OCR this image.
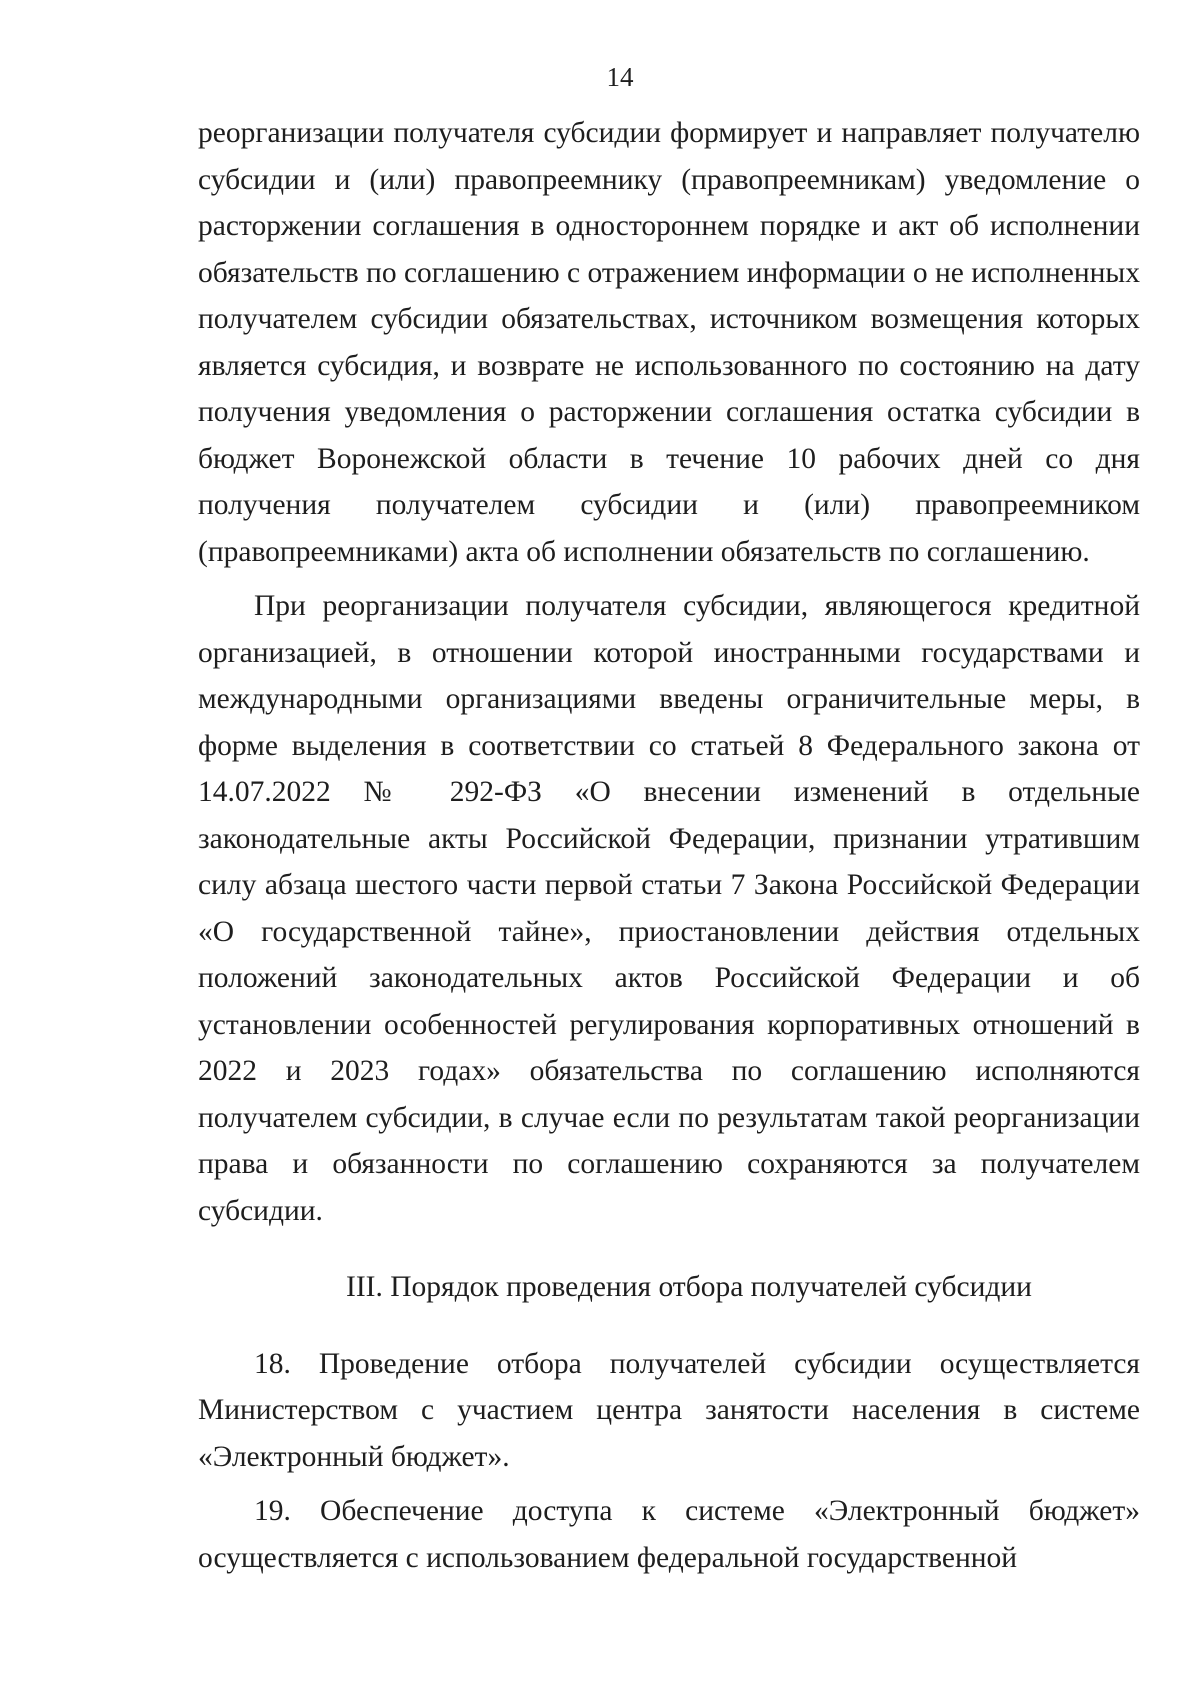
14

реорганизации получателя субсидии формирует и направляет получателю субсидии и (или) правопреемнику (правопреемникам) уведомление о расторжении соглашения в одностороннем порядке и акт об исполнении обязательств по соглашению с отражением информации о не исполненных получателем субсидии обязательствах, источником возмещения которых является субсидия, и возврате не использованного по состоянию на дату получения уведомления о расторжении соглашения остатка субсидии в бюджет Воронежской области в течение 10 рабочих дней со дня получения получателем субсидии и (или) правопреемником (правопреемниками) акта об исполнении обязательств по соглашению.

При реорганизации получателя субсидии, являющегося кредитной организацией, в отношении которой иностранными государствами и международными организациями введены ограничительные меры, в форме выделения в соответствии со статьей 8 Федерального закона от 14.07.2022 № 292-ФЗ «О внесении изменений в отдельные законодательные акты Российской Федерации, признании утратившим силу абзаца шестого части первой статьи 7 Закона Российской Федерации «О государственной тайне», приостановлении действия отдельных положений законодательных актов Российской Федерации и об установлении особенностей регулирования корпоративных отношений в 2022 и 2023 годах» обязательства по соглашению исполняются получателем субсидии, в случае если по результатам такой реорганизации права и обязанности по соглашению сохраняются за получателем субсидии.

III. Порядок проведения отбора получателей субсидии

18. Проведение отбора получателей субсидии осуществляется Министерством с участием центра занятости населения в системе «Электронный бюджет».

19. Обеспечение доступа к системе «Электронный бюджет» осуществляется с использованием федеральной государственной
